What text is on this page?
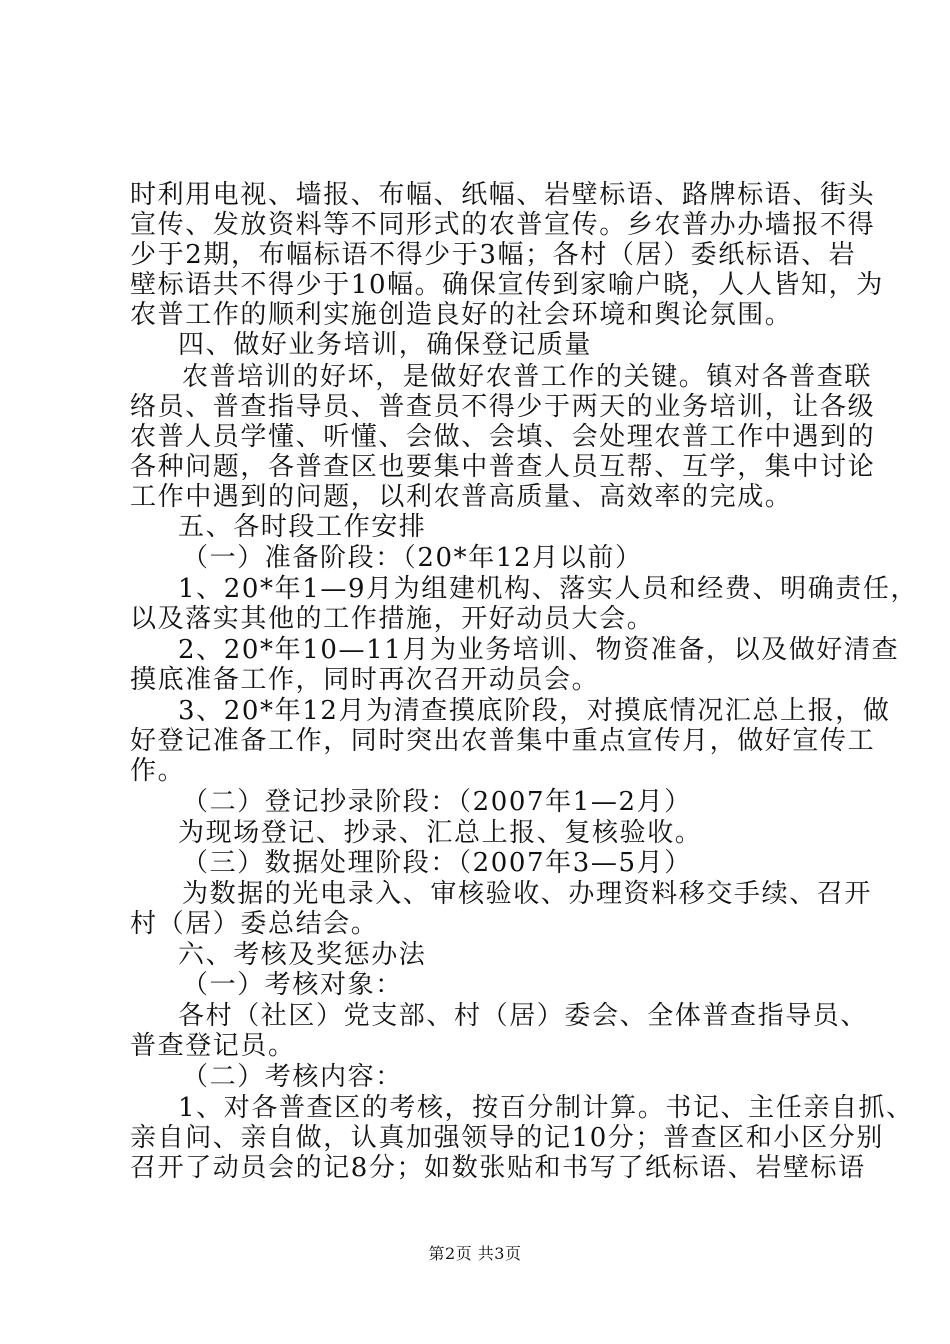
时利用电视、墙报、布幅、纸幅、岩壁标语、路牌标语、街头
宣传、发放资料等不同形式的农普宣传。乡农普办办墙报不得
少于2期，布幅标语不得少于3幅；各村（居）委纸标语、岩
壁标语共不得少于10幅。确保宣传到家喻户晓，人人皆知，为
农普工作的顺利实施创造良好的社会环境和舆论氛围。
四、做好业务培训，确保登记质量
农普培训的好坏，是做好农普工作的关键。镇对各普查联
络员、普查指导员、普查员不得少于两天的业务培训，让各级
农普人员学懂、听懂、会做、会填、会处理农普工作中遇到的
各种问题，各普查区也要集中普查人员互帮、互学，集中讨论
工作中遇到的问题，以利农普高质量、高效率的完成。
五、各时段工作安排
（一）准备阶段：（20*年12月以前）
1、20*年1—9月为组建机构、落实人员和经费、明确责任，
以及落实其他的工作措施，开好动员大会。
2、20*年10—11月为业务培训、物资准备，以及做好清查
摸底准备工作，同时再次召开动员会。
3、20*年12月为清查摸底阶段，对摸底情况汇总上报，做
好登记准备工作，同时突出农普集中重点宣传月，做好宣传工
作。
（二）登记抄录阶段：（2007年1—2月）
为现场登记、抄录、汇总上报、复核验收。
（三）数据处理阶段：（2007年3—5月）
为数据的光电录入、审核验收、办理资料移交手续、召开
村（居）委总结会。
六、考核及奖惩办法
（一）考核对象：
各村（社区）党支部、村（居）委会、全体普查指导员、
普查登记员。
（二）考核内容：
1、对各普查区的考核，按百分制计算。书记、主任亲自抓、
亲自问、亲自做，认真加强领导的记10分；普查区和小区分别
召开了动员会的记8分；如数张贴和书写了纸标语、岩壁标语
第2页 共3页
